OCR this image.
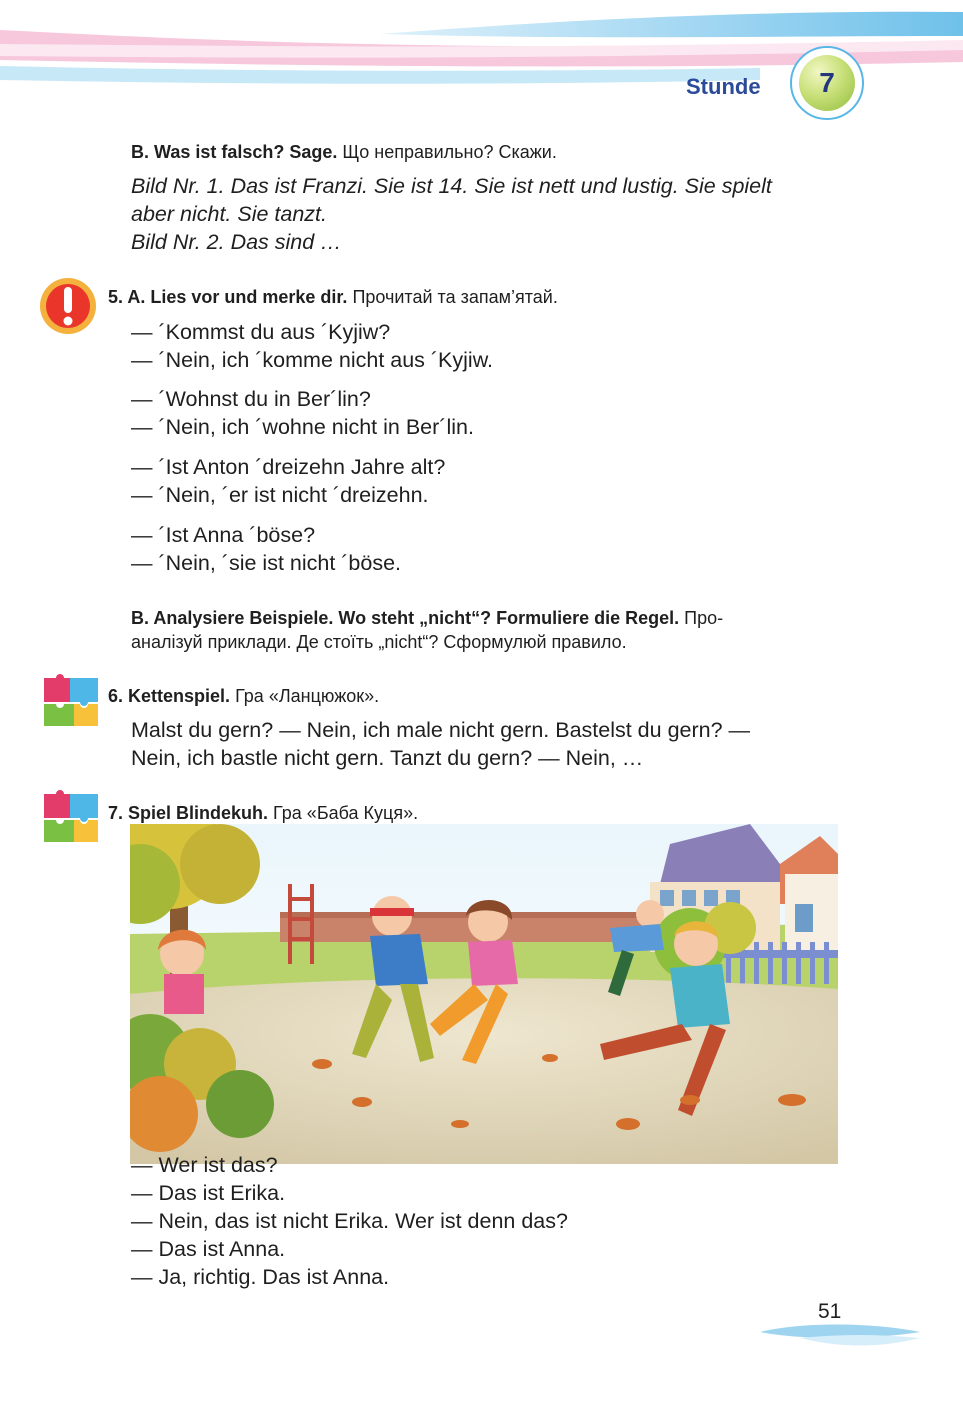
Stunde	7
B. Was ist falsch? Sage. Що неправильно? Скажи.
Bild Nr. 1. Das ist Franzi. Sie ist 14. Sie ist nett und lustig. Sie spielt
aber nicht. Sie tanzt.
Bild Nr. 2. Das sind …
5. A. Lies vor und merke dir. Прочитай та запам’ятай.
— ´Kommst du aus ´Kyjiw?
— ´Nein, ich ´komme nicht aus ´Kyjiw.
— ´Wohnst du in Ber´lin?
— ´Nein, ich ´wohne nicht in Ber´lin.
— ´Ist Anton ´dreizehn Jahre alt?
— ´Nein, ´er ist nicht ´dreizehn.
— ´Ist Anna ´böse?
— ´Nein, ´sie ist nicht ´böse.
B. Analysiere Beispiele. Wo steht „nicht“? Formuliere die Regel. Про-
аналізуй приклади. Де стоїть „nicht“? Сформулюй правило.
6. Kettenspiel. Гра «Ланцюжок».
Malst du gern? — Nein, ich male nicht gern. Bastelst du gern? —
Nein, ich bastle nicht gern. Tanzt du gern? — Nein, …
7. Spiel Blindekuh. Гра «Баба Куця».
— Wer ist das?
— Das ist Erika.
— Nein, das ist nicht Erika. Wer ist denn das?
— Das ist Anna.
— Ja, richtig. Das ist Anna.
51
